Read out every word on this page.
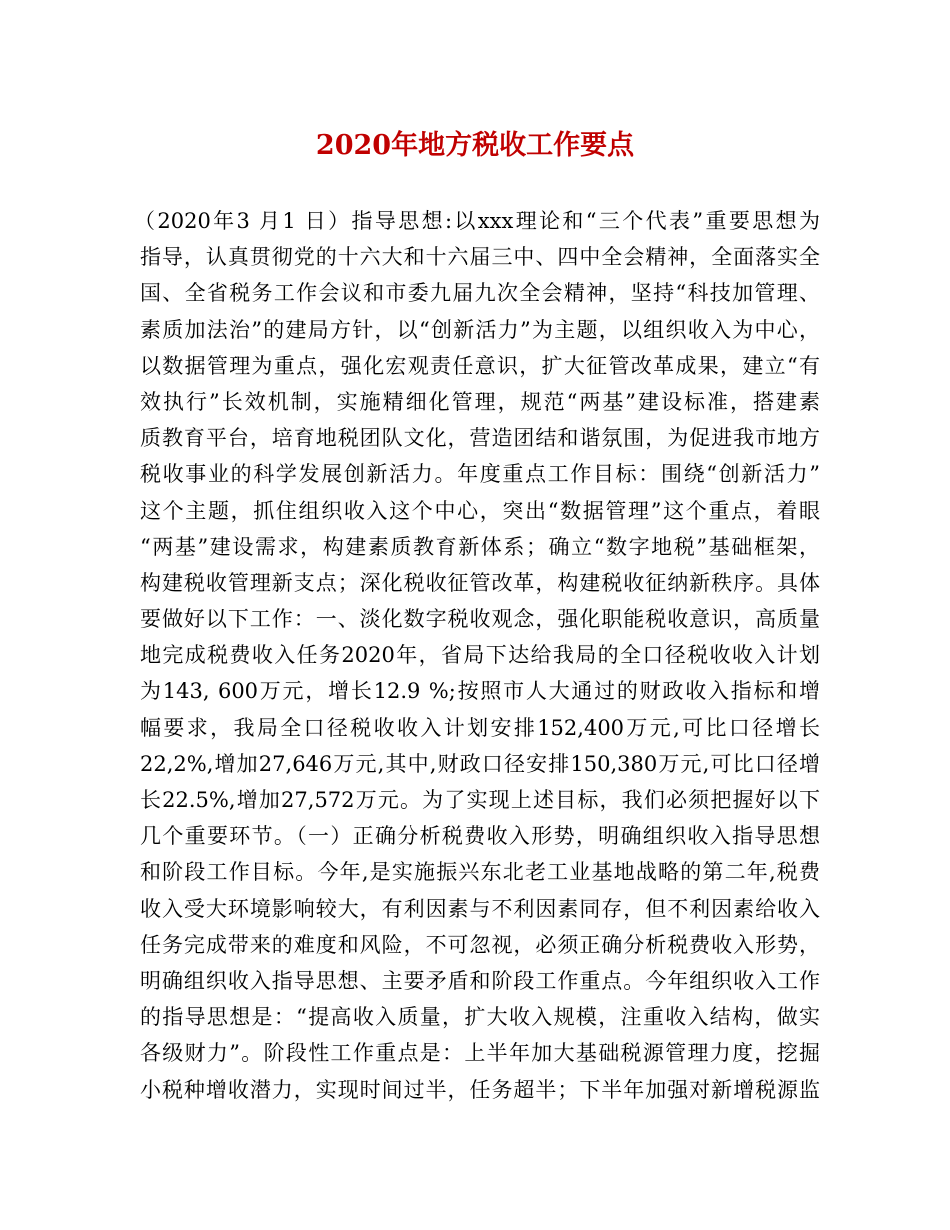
2020年地方税收工作要点
（2020年3 月1 日）指导思想:以xxx理论和“三个代表”重要思想为
指导，认真贯彻党的十六大和十六届三中、四中全会精神，全面落实全
国、全省税务工作会议和市委九届九次全会精神，坚持“科技加管理、
素质加法治”的建局方针，以“创新活力”为主题，以组织收入为中心，
以数据管理为重点，强化宏观责任意识，扩大征管改革成果，建立“有
效执行”长效机制，实施精细化管理，规范“两基”建设标准，搭建素
质教育平台，培育地税团队文化，营造团结和谐氛围，为促进我市地方
税收事业的科学发展创新活力。年度重点工作目标：围绕“创新活力”
这个主题，抓住组织收入这个中心，突出“数据管理”这个重点，着眼
“两基”建设需求，构建素质教育新体系；确立“数字地税”基础框架，
构建税收管理新支点；深化税收征管改革，构建税收征纳新秩序。具体
要做好以下工作：一、淡化数字税收观念，强化职能税收意识，高质量
地完成税费收入任务2020年，省局下达给我局的全口径税收收入计划
为143, 600万元，增长12.9 %;按照市人大通过的财政收入指标和增
幅要求，我局全口径税收收入计划安排152,400万元,可比口径增长
22,2%,增加27,646万元,其中,财政口径安排150,380万元,可比口径增
长22.5%,增加27,572万元。为了实现上述目标，我们必须把握好以下
几个重要环节。（一）正确分析税费收入形势，明确组织收入指导思想
和阶段工作目标。今年,是实施振兴东北老工业基地战略的第二年,税费
收入受大环境影响较大，有利因素与不利因素同存，但不利因素给收入
任务完成带来的难度和风险，不可忽视，必须正确分析税费收入形势，
明确组织收入指导思想、主要矛盾和阶段工作重点。今年组织收入工作
的指导思想是：“提高收入质量，扩大收入规模，注重收入结构，做实
各级财力”。阶段性工作重点是：上半年加大基础税源管理力度，挖掘
小税种增收潜力，实现时间过半，任务超半；下半年加强对新增税源监
